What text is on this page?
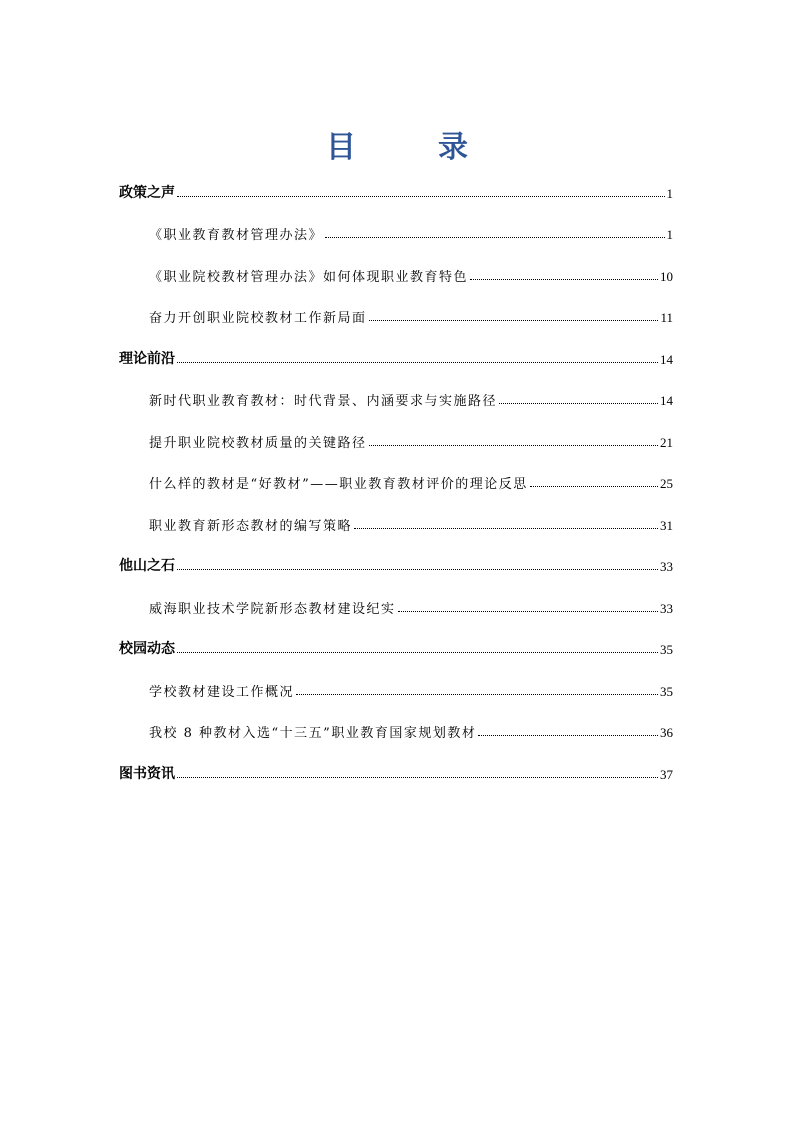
目　录
政策之声	1
《职业教育教材管理办法》	1
《职业院校教材管理办法》如何体现职业教育特色	10
奋力开创职业院校教材工作新局面	11
理论前沿	14
新时代职业教育教材：时代背景、内涵要求与实施路径	14
提升职业院校教材质量的关键路径	21
什么样的教材是“好教材”——职业教育教材评价的理论反思	25
职业教育新形态教材的编写策略	31
他山之石	33
威海职业技术学院新形态教材建设纪实	33
校园动态	35
学校教材建设工作概况	35
我校 8 种教材入选“十三五”职业教育国家规划教材	36
图书资讯	37
